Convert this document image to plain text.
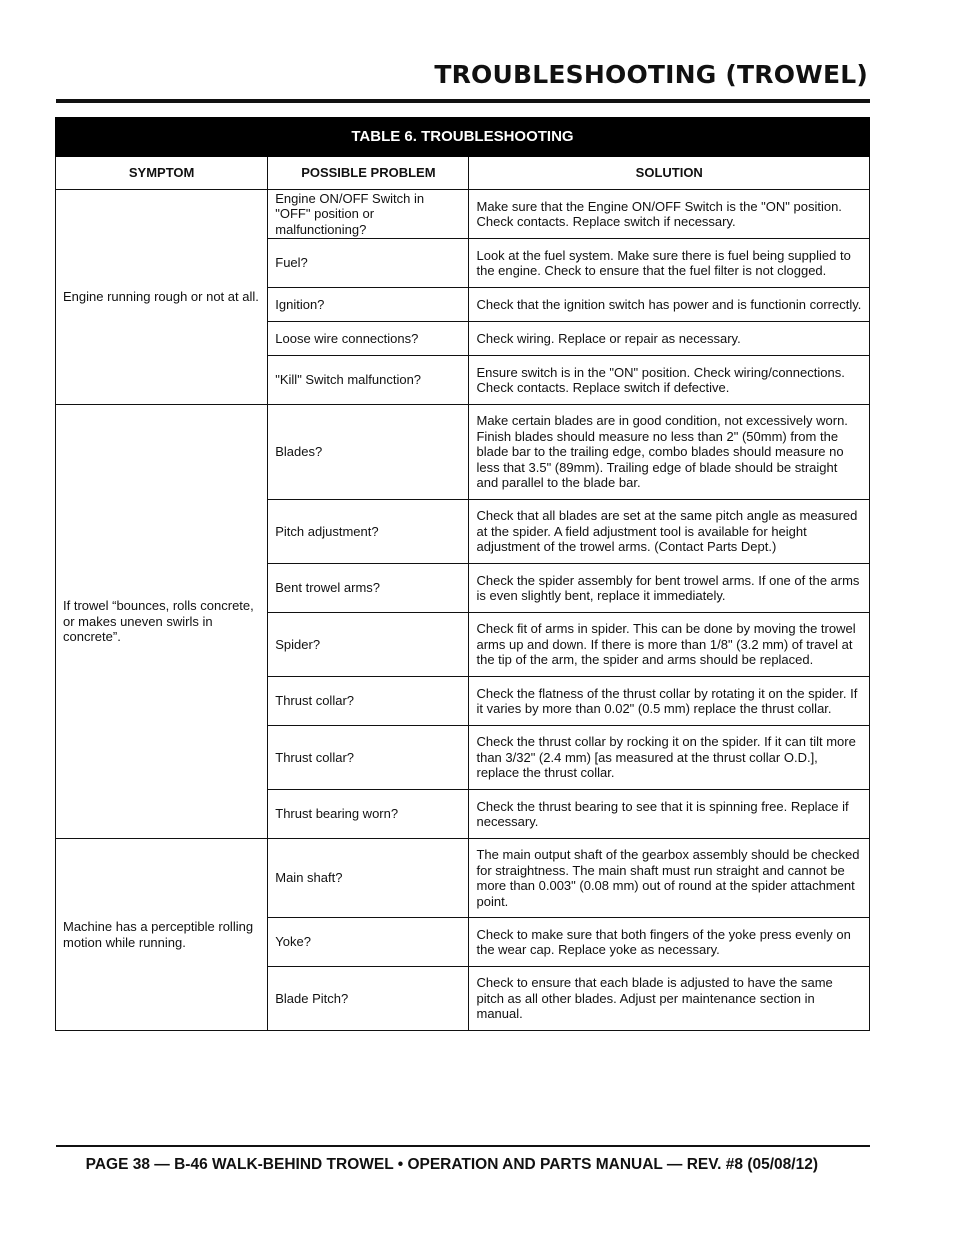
TROUBLESHOOTING (TROWEL)
TABLE 6. TROUBLESHOOTING		
SYMPTOM	POSSIBLE PROBLEM	SOLUTION
Engine running rough or not at all.	Engine ON/OFF Switch in "OFF" position or malfunctioning?	Make sure that the Engine ON/OFF Switch is the "ON" position. Check contacts. Replace switch if necessary.
	Fuel?	Look at the fuel system. Make sure there is fuel being supplied to the engine. Check to ensure that the fuel filter is not clogged.
	Ignition?	Check that the ignition switch has power and is functionin correctly.
	Loose wire connections?	Check wiring. Replace or repair as necessary.
	"Kill" Switch malfunction?	Ensure switch is in the "ON" position. Check wiring/connections. Check contacts. Replace switch if defective.
If trowel “bounces, rolls concrete, or makes uneven swirls in concrete”.	Blades?	Make certain blades are in good condition, not excessively worn. Finish blades should measure no less than 2" (50mm) from the blade bar to the trailing edge, combo blades should measure no less that 3.5" (89mm). Trailing edge of blade should be straight and parallel to the blade bar.
	Pitch adjustment?	Check that all blades are set at the same pitch angle as measured at the spider. A field adjustment tool is available for height adjustment of the trowel arms. (Contact Parts Dept.)
	Bent trowel arms?	Check the spider assembly for bent trowel arms. If one of the arms is even slightly bent, replace it immediately.
	Spider?	Check fit of arms in spider. This can be done by moving the trowel arms up and down. If there is more than 1/8" (3.2 mm) of travel at the tip of the arm, the spider and arms should be replaced.
	Thrust collar?	Check the flatness of the thrust collar by rotating it on the spider. If it varies by more than 0.02" (0.5 mm) replace the thrust collar.
	Thrust collar?	Check the thrust collar by rocking it on the spider. If it can tilt more than 3/32" (2.4 mm) [as measured at the thrust collar O.D.], replace the thrust collar.
	Thrust bearing worn?	Check the thrust bearing to see that it is spinning free. Replace if necessary.
Machine has a perceptible rolling motion while running.	Main shaft?	The main output shaft of the gearbox assembly should be checked for straightness. The main shaft must run straight and cannot be more than 0.003" (0.08 mm) out of round at the spider attachment point.
	Yoke?	Check to make sure that both fingers of the yoke press evenly on the wear cap. Replace yoke as necessary.
	Blade Pitch?	Check to ensure that each blade is adjusted to have the same pitch as all other blades. Adjust per maintenance section in manual.
PAGE 38 — B-46 WALK-BEHIND TROWEL • OPERATION AND PARTS MANUAL — REV. #8 (05/08/12)
